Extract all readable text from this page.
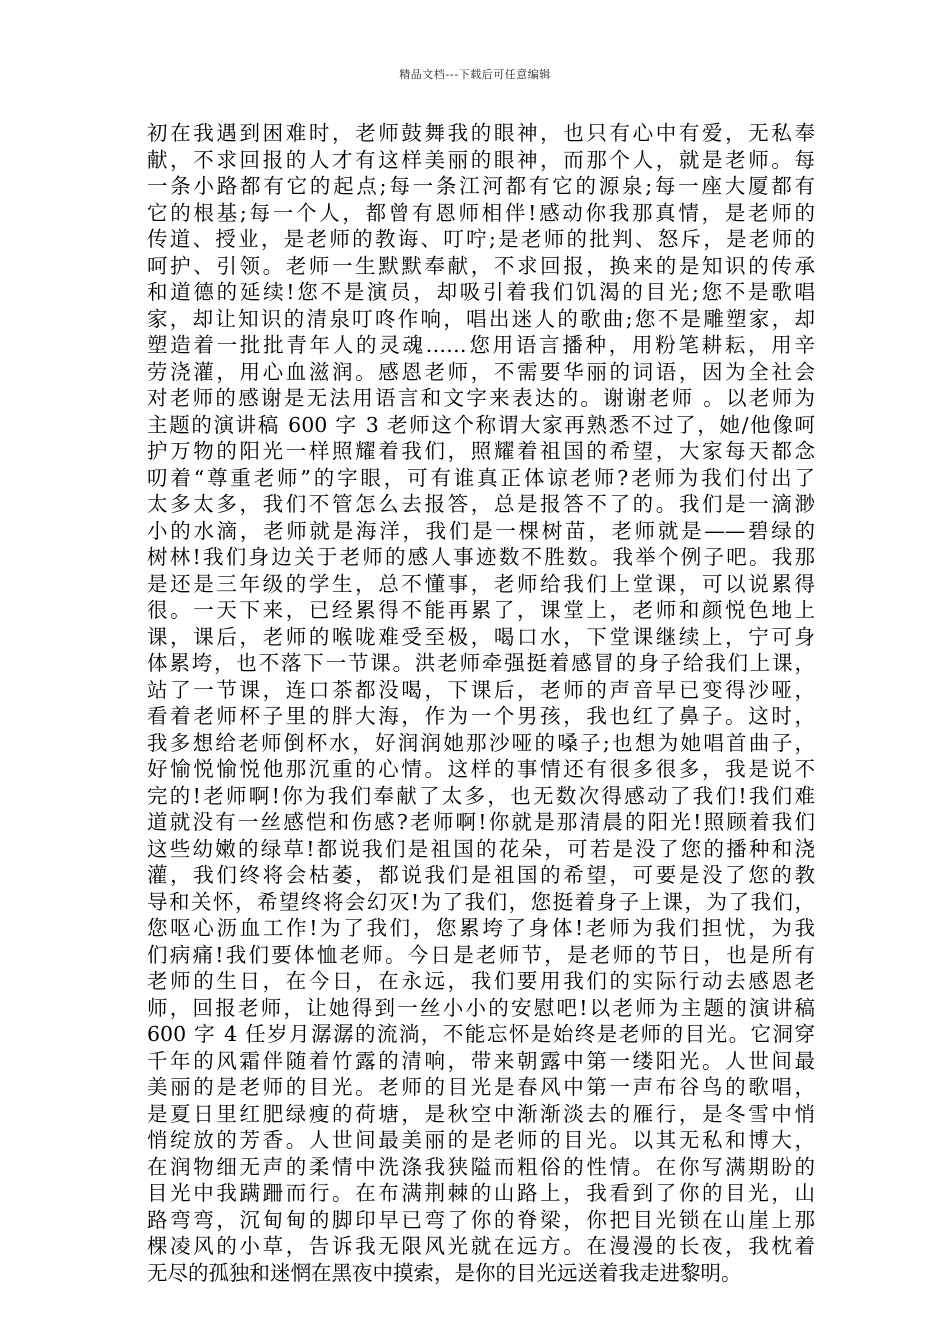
精品文档---下载后可任意编辑
初在我遇到困难时，老师鼓舞我的眼神，也只有心中有爱，无私奉
献，不求回报的人才有这样美丽的眼神，而那个人，就是老师。每
一条小路都有它的起点;每一条江河都有它的源泉;每一座大厦都有
它的根基;每一个人，都曾有恩师相伴!感动你我那真情，是老师的
传道、授业，是老师的教诲、叮咛;是老师的批判、怒斥，是老师的
呵护、引领。老师一生默默奉献，不求回报，换来的是知识的传承
和道德的延续!您不是演员，却吸引着我们饥渴的目光;您不是歌唱
家，却让知识的清泉叮咚作响，唱出迷人的歌曲;您不是雕塑家，却
塑造着一批批青年人的灵魂……您用语言播种，用粉笔耕耘，用辛
劳浇灌，用心血滋润。感恩老师，不需要华丽的词语，因为全社会
对老师的感谢是无法用语言和文字来表达的。谢谢老师 。以老师为
主题的演讲稿 600 字 3 老师这个称谓大家再熟悉不过了，她/他像呵
护万物的阳光一样照耀着我们，照耀着祖国的希望，大家每天都念
叨着“尊重老师”的字眼，可有谁真正体谅老师?老师为我们付出了
太多太多，我们不管怎么去报答，总是报答不了的。我们是一滴渺
小的水滴，老师就是海洋，我们是一棵树苗，老师就是——碧绿的
树林!我们身边关于老师的感人事迹数不胜数。我举个例子吧。我那
是还是三年级的学生，总不懂事，老师给我们上堂课，可以说累得
很。一天下来，已经累得不能再累了，课堂上，老师和颜悦色地上
课，课后，老师的喉咙难受至极，喝口水，下堂课继续上，宁可身
体累垮，也不落下一节课。洪老师牵强挺着感冒的身子给我们上课，
站了一节课，连口茶都没喝，下课后，老师的声音早已变得沙哑，
看着老师杯子里的胖大海，作为一个男孩，我也红了鼻子。这时，
我多想给老师倒杯水，好润润她那沙哑的嗓子;也想为她唱首曲子，
好愉悦愉悦他那沉重的心情。这样的事情还有很多很多，我是说不
完的!老师啊!你为我们奉献了太多，也无数次得感动了我们!我们难
道就没有一丝感恺和伤感?老师啊!你就是那清晨的阳光!照顾着我们
这些幼嫩的绿草!都说我们是祖国的花朵，可若是没了您的播种和浇
灌，我们终将会枯萎，都说我们是祖国的希望，可要是没了您的教
导和关怀，希望终将会幻灭!为了我们，您挺着身子上课，为了我们，
您呕心沥血工作!为了我们，您累垮了身体!老师为我们担忧，为我
们病痛!我们要体恤老师。今日是老师节，是老师的节日，也是所有
老师的生日，在今日，在永远，我们要用我们的实际行动去感恩老
师，回报老师，让她得到一丝小小的安慰吧!以老师为主题的演讲稿
600 字 4 任岁月潺潺的流淌，不能忘怀是始终是老师的目光。它洞穿
千年的风霜伴随着竹露的清响，带来朝露中第一缕阳光。人世间最
美丽的是老师的目光。老师的目光是春风中第一声布谷鸟的歌唱，
是夏日里红肥绿瘦的荷塘，是秋空中渐渐淡去的雁行，是冬雪中悄
悄绽放的芳香。人世间最美丽的是老师的目光。以其无私和博大，
在润物细无声的柔情中洗涤我狭隘而粗俗的性情。在你写满期盼的
目光中我蹒跚而行。在布满荆棘的山路上，我看到了你的目光，山
路弯弯，沉甸甸的脚印早已弯了你的脊梁，你把目光锁在山崖上那
棵凌风的小草，告诉我无限风光就在远方。在漫漫的长夜，我枕着
无尽的孤独和迷惘在黑夜中摸索，是你的目光远送着我走进黎明。
